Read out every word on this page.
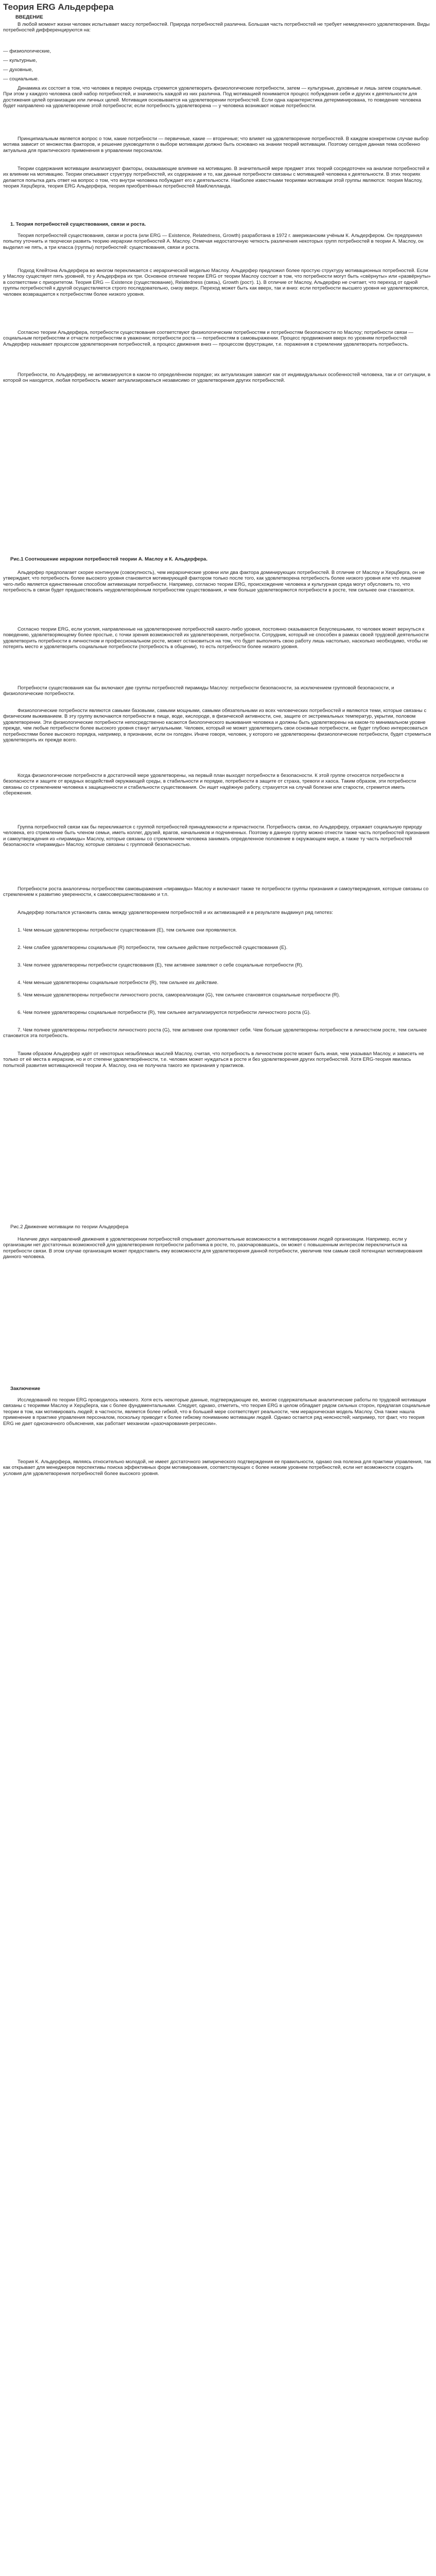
Теория ERG Альдерфера

ВВЕДЕНИЕ

В любой момент жизни человек испытывает массу потребностей. Природа потребностей различна. Большая часть потребностей не требует немедленного удовлетворения. Виды потребностей дифференцируются на:

— физиологические,

— культурные,

— духовные,

— социальные.

Динамика их состоит в том, что человек в первую очередь стремится удовлетворить физиологические потребности, затем — культурные, духовные и лишь затем социальные. При этом у каждого человека свой набор потребностей, и значимость каждой из них различна. Под мотивацией понимается процесс побуждения себя и других к деятельности для достижения целей организации или личных целей. Мотивация основывается на удовлетворении потребностей. Если одна характеристика детерминирована, то поведение человека будет направлено на удовлетворение этой потребности; если потребность удовлетворена — у человека возникают новые потребности.

Принципиальным является вопрос о том, какие потребности — первичные, какие — вторичные; что влияет на удовлетворение потребностей. В каждом конкретном случае выбор мотива зависит от множества факторов, и решение руководителя о выборе мотивации должно быть основано на знании теорий мотивации. Поэтому сегодня данная тема особенно актуальна для практического применения в управлении персоналом.

Теории содержания мотивации анализируют факторы, оказывающие влияние на мотивацию. В значительной мере предмет этих теорий сосредоточен на анализе потребностей и их влиянии на мотивацию. Теории описывают структуру потребностей, их содержание и то, как данные потребности связаны с мотивацией человека к деятельности. В этих теориях делается попытка дать ответ на вопрос о том, что внутри человека побуждает его к деятельности. Наиболее известными теориями мотивации этой группы являются: теория Маслоу, теория Херцберга, теория ERG Альдерфера, теория приобретённых потребностей МакКлелланда.

1. Теория потребностей существования, связи и роста.

Теория потребностей существования, связи и роста (или ERG — Existence, Relatedness, Growth) разработана в 1972 г. американским учёным К. Альдерфером. Он предпринял попытку уточнить и творчески развить теорию иерархии потребностей А. Маслоу. Отмечая недостаточную четкость различения некоторых групп потребностей в теории А. Маслоу, он выделил не пять, а три класса (группы) потребностей: существования, связи и роста.

Подход Клейтона Альдерфера во многом перекликается с иерархической моделью Маслоу. Альдерфер предложил более простую структуру мотивационных потребностей. Если у Маслоу существует пять уровней, то у Альдерфера их три. Основное отличие теории ERG от теории Маслоу состоит в том, что потребности могут быть «свёрнуты» или «развёрнуты» в соответствии с приоритетом. Теория ERG — Existence (существование), Relatedness (связь), Growth (рост). 1). В отличие от Маслоу, Альдерфер не считает, что переход от одной группы потребностей к другой осуществляется строго последовательно, снизу вверх. Переход может быть как вверх, так и вниз: если потребности высшего уровня не удовлетворяются, человек возвращается к потребностям более низкого уровня.

Согласно теории Альдерфера, потребности существования соответствуют физиологическим потребностям и потребностям безопасности по Маслоу; потребности связи — социальным потребностям и отчасти потребностям в уважении; потребности роста — потребностям в самовыражении. Процесс продвижения вверх по уровням потребностей Альдерфер называет процессом удовлетворения потребностей, а процесс движения вниз — процессом фрустрации, т.е. поражения в стремлении удовлетворить потребность.

Потребности, по Альдерферу, не активизируются в каком-то определённом порядке; их актуализация зависит как от индивидуальных особенностей человека, так и от ситуации, в которой он находится, любая потребность может актуализироваться независимо от удовлетворения других потребностей.

Рис.1 Соотношение иерархии потребностей теории А. Маслоу и К. Альдерфера.

Альдерфер предполагает скорее континуум (совокупность), чем иерархические уровни или два фактора доминирующих потребностей. В отличие от Маслоу и Херцберга, он не утверждает, что потребность более высокого уровня становится мотивирующей фактором только после того, как удовлетворена потребность более низкого уровня или что лишение чего-либо является единственным способом активизации потребности. Например, согласно теории ERG, происхождение человека и культурная среда могут обусловить то, что потребность в связи будет предшествовать неудовлетворённым потребностям существования, и чем больше удовлетворяются потребности в росте, тем сильнее они становятся.

Согласно теории ERG, если усилия, направленные на удовлетворение потребностей какого-либо уровня, постоянно оказываются безуспешными, то человек может вернуться к поведению, удовлетворяющему более простые, с точки зрения возможностей их удовлетворения, потребности. Сотрудник, который не способен в рамках своей трудовой деятельности удовлетворить потребности в личностном и профессиональном росте, может остановиться на том, что будет выполнять свою работу лишь настолько, насколько необходимо, чтобы не потерять место и удовлетворить социальные потребности (потребность в общении), то есть потребности более низкого уровня.

Потребности существования как бы включают две группы потребностей пирамиды Маслоу: потребности безопасности, за исключением групповой безопасности, и физиологические потребности.

Физиологические потребности являются самыми базовыми, самыми мощными, самыми обязательными из всех человеческих потребностей и являются теми, которые связаны с физическим выживанием. В эту группу включаются потребности в пище, воде, кислороде, в физической активности, сне, защите от экстремальных температур, укрытии, половом удовлетворении. Эти физиологические потребности непосредственно касаются биологического выживания человека и должны быть удовлетворены на каком-то минимальном уровне прежде, чем любые потребности более высокого уровня станут актуальными. Человек, который не может удовлетворить свои основные потребности, не будет глубоко интересоваться потребностями более высокого порядка, например, в признании, если он голоден. Иначе говоря, человек, у которого не удовлетворены физиологические потребности, будет стремиться удовлетворить их прежде всего.

Когда физиологические потребности в достаточной мере удовлетворены, на первый план выходят потребности в безопасности. К этой группе относятся потребности в безопасности и защите от вредных воздействий окружающей среды, в стабильности и порядке, потребности в защите от страха, тревоги и хаоса. Таким образом, эти потребности связаны со стремлением человека к защищенности и стабильности существования. Он ищет надёжную работу, страхуется на случай болезни или старости, стремится иметь сбережения.

Группа потребностей связи как бы перекликается с группой потребностей принадлежности и причастности. Потребность связи, по Альдерферу, отражает социальную природу человека, его стремление быть членом семьи, иметь коллег, друзей, врагов, начальников и подчиненных. Поэтому в данную группу можно отнести также часть потребностей признания и самоутверждения из «пирамиды» Маслоу, которые связаны со стремлением человека занимать определенное положение в окружающем мире, а также ту часть потребностей безопасности «пирамиды» Маслоу, которые связаны с групповой безопасностью.

Потребности роста аналогичны потребностям самовыражения «пирамиды» Маслоу и включают также те потребности группы признания и самоутверждения, которые связаны со стремлением к развитию уверенности, к самосовершенствованию и т.п.

Альдерфер попытался установить связь между удовлетворением потребностей и их активизацией и в результате выдвинул ряд гипотез:

1. Чем меньше удовлетворены потребности существования (E), тем сильнее они проявляются.

2. Чем слабее удовлетворены социальные (R) потребности, тем сильнее действие потребностей существования (E).

3. Чем полнее удовлетворены потребности существования (E), тем активнее заявляют о себе социальные потребности (R).

4. Чем меньше удовлетворены социальные потребности (R), тем сильнее их действие.

5. Чем меньше удовлетворены потребности личностного роста, самореализации (G), тем сильнее становятся социальные потребности (R).

6. Чем полнее удовлетворены социальные потребности (R), тем сильнее актуализируются потребности личностного роста (G).

7. Чем полнее удовлетворены потребности личностного роста (G), тем активнее они проявляют себя. Чем больше удовлетворены потребности в личностном росте, тем сильнее становится эта потребность.

Таким образом Альдерфер идёт от некоторых незыблемых мыслей Маслоу, считая, что потребность в личностном росте может быть иная, чем указывал Маслоу, и зависеть не только от её места в иерархии, но и от степени удовлетворённости, т.е. человек может нуждаться в росте и без удовлетворения других потребностей. Хотя ERG-теория явилась попыткой развития мотивационной теории А. Маслоу, она не получила такого же признания у практиков.

Рис.2 Движение мотивации по теории Альдерфера

Наличие двух направлений движения в удовлетворении потребностей открывает дополнительные возможности в мотивировании людей организации. Например, если у организации нет достаточных возможностей для удовлетворения потребности работника в росте, то, разочаровавшись, он может с повышенным интересом переключиться на потребности связи. В этом случае организация может предоставить ему возможности для удовлетворения данной потребности, увеличив тем самым свой потенциал мотивирования данного человека.

Заключение

Исследований по теории ERG проводилось немного. Хотя есть некоторые данные, подтверждающие ее, многие содержательные аналитические работы по трудовой мотивации связаны с теориями Маслоу и Херцберга, как с более фундаментальными. Следует, однако, отметить, что теория ERG в целом обладает рядом сильных сторон, предлагая социальные теории в том, как мотивировать людей; в частности, является более гибкой, что в большей мере соответствует реальности, чем иерархическая модель Маслоу. Она также нашла применение в практике управления персоналом, поскольку приводит к более гибкому пониманию мотивации людей. Однако остается ряд неясностей; например, тот факт, что теория ERG не дает однозначного объяснения, как работает механизм «разочарования-регрессии».

Теория К. Альдерфера, являясь относительно молодой, не имеет достаточного эмпирического подтверждения ее правильности, однако она полезна для практики управления, так как открывает для менеджеров перспективы поиска эффективных форм мотивирования, соответствующих с более низким уровнем потребностей, если нет возможности создать условия для удовлетворения потребностей более высокого уровня.
